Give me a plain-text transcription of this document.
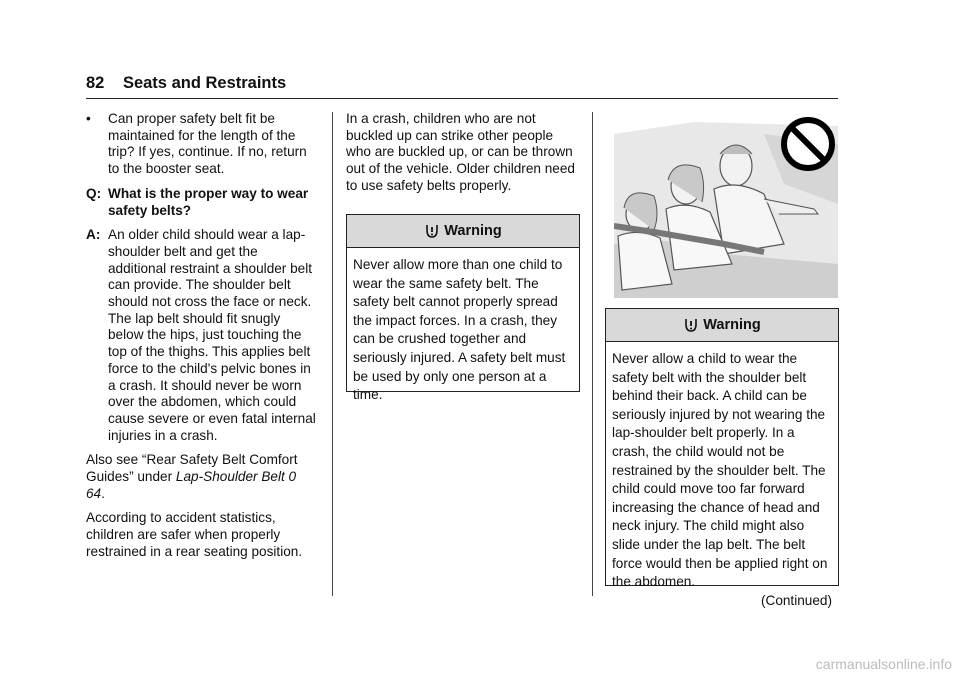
82 Seats and Restraints

• Can proper safety belt fit be maintained for the length of the trip? If yes, continue. If no, return to the booster seat.

Q: What is the proper way to wear safety belts?

A: An older child should wear a lap-shoulder belt and get the additional restraint a shoulder belt can provide. The shoulder belt should not cross the face or neck. The lap belt should fit snugly below the hips, just touching the top of the thighs. This applies belt force to the child's pelvic bones in a crash. It should never be worn over the abdomen, which could cause severe or even fatal internal injuries in a crash.

Also see “Rear Safety Belt Comfort Guides” under Lap-Shoulder Belt 0 64.

According to accident statistics, children are safer when properly restrained in a rear seating position.

In a crash, children who are not buckled up can strike other people who are buckled up, or can be thrown out of the vehicle. Older children need to use safety belts properly.

Warning
Never allow more than one child to wear the same safety belt. The safety belt cannot properly spread the impact forces. In a crash, they can be crushed together and seriously injured. A safety belt must be used by only one person at a time.
Warning
Never allow a child to wear the safety belt with the shoulder belt behind their back. A child can be seriously injured by not wearing the lap-shoulder belt properly. In a crash, the child would not be restrained by the shoulder belt. The child could move too far forward increasing the chance of head and neck injury. The child might also slide under the lap belt. The belt force would then be applied right on the abdomen.
(Continued)
carmanualsonline.info
